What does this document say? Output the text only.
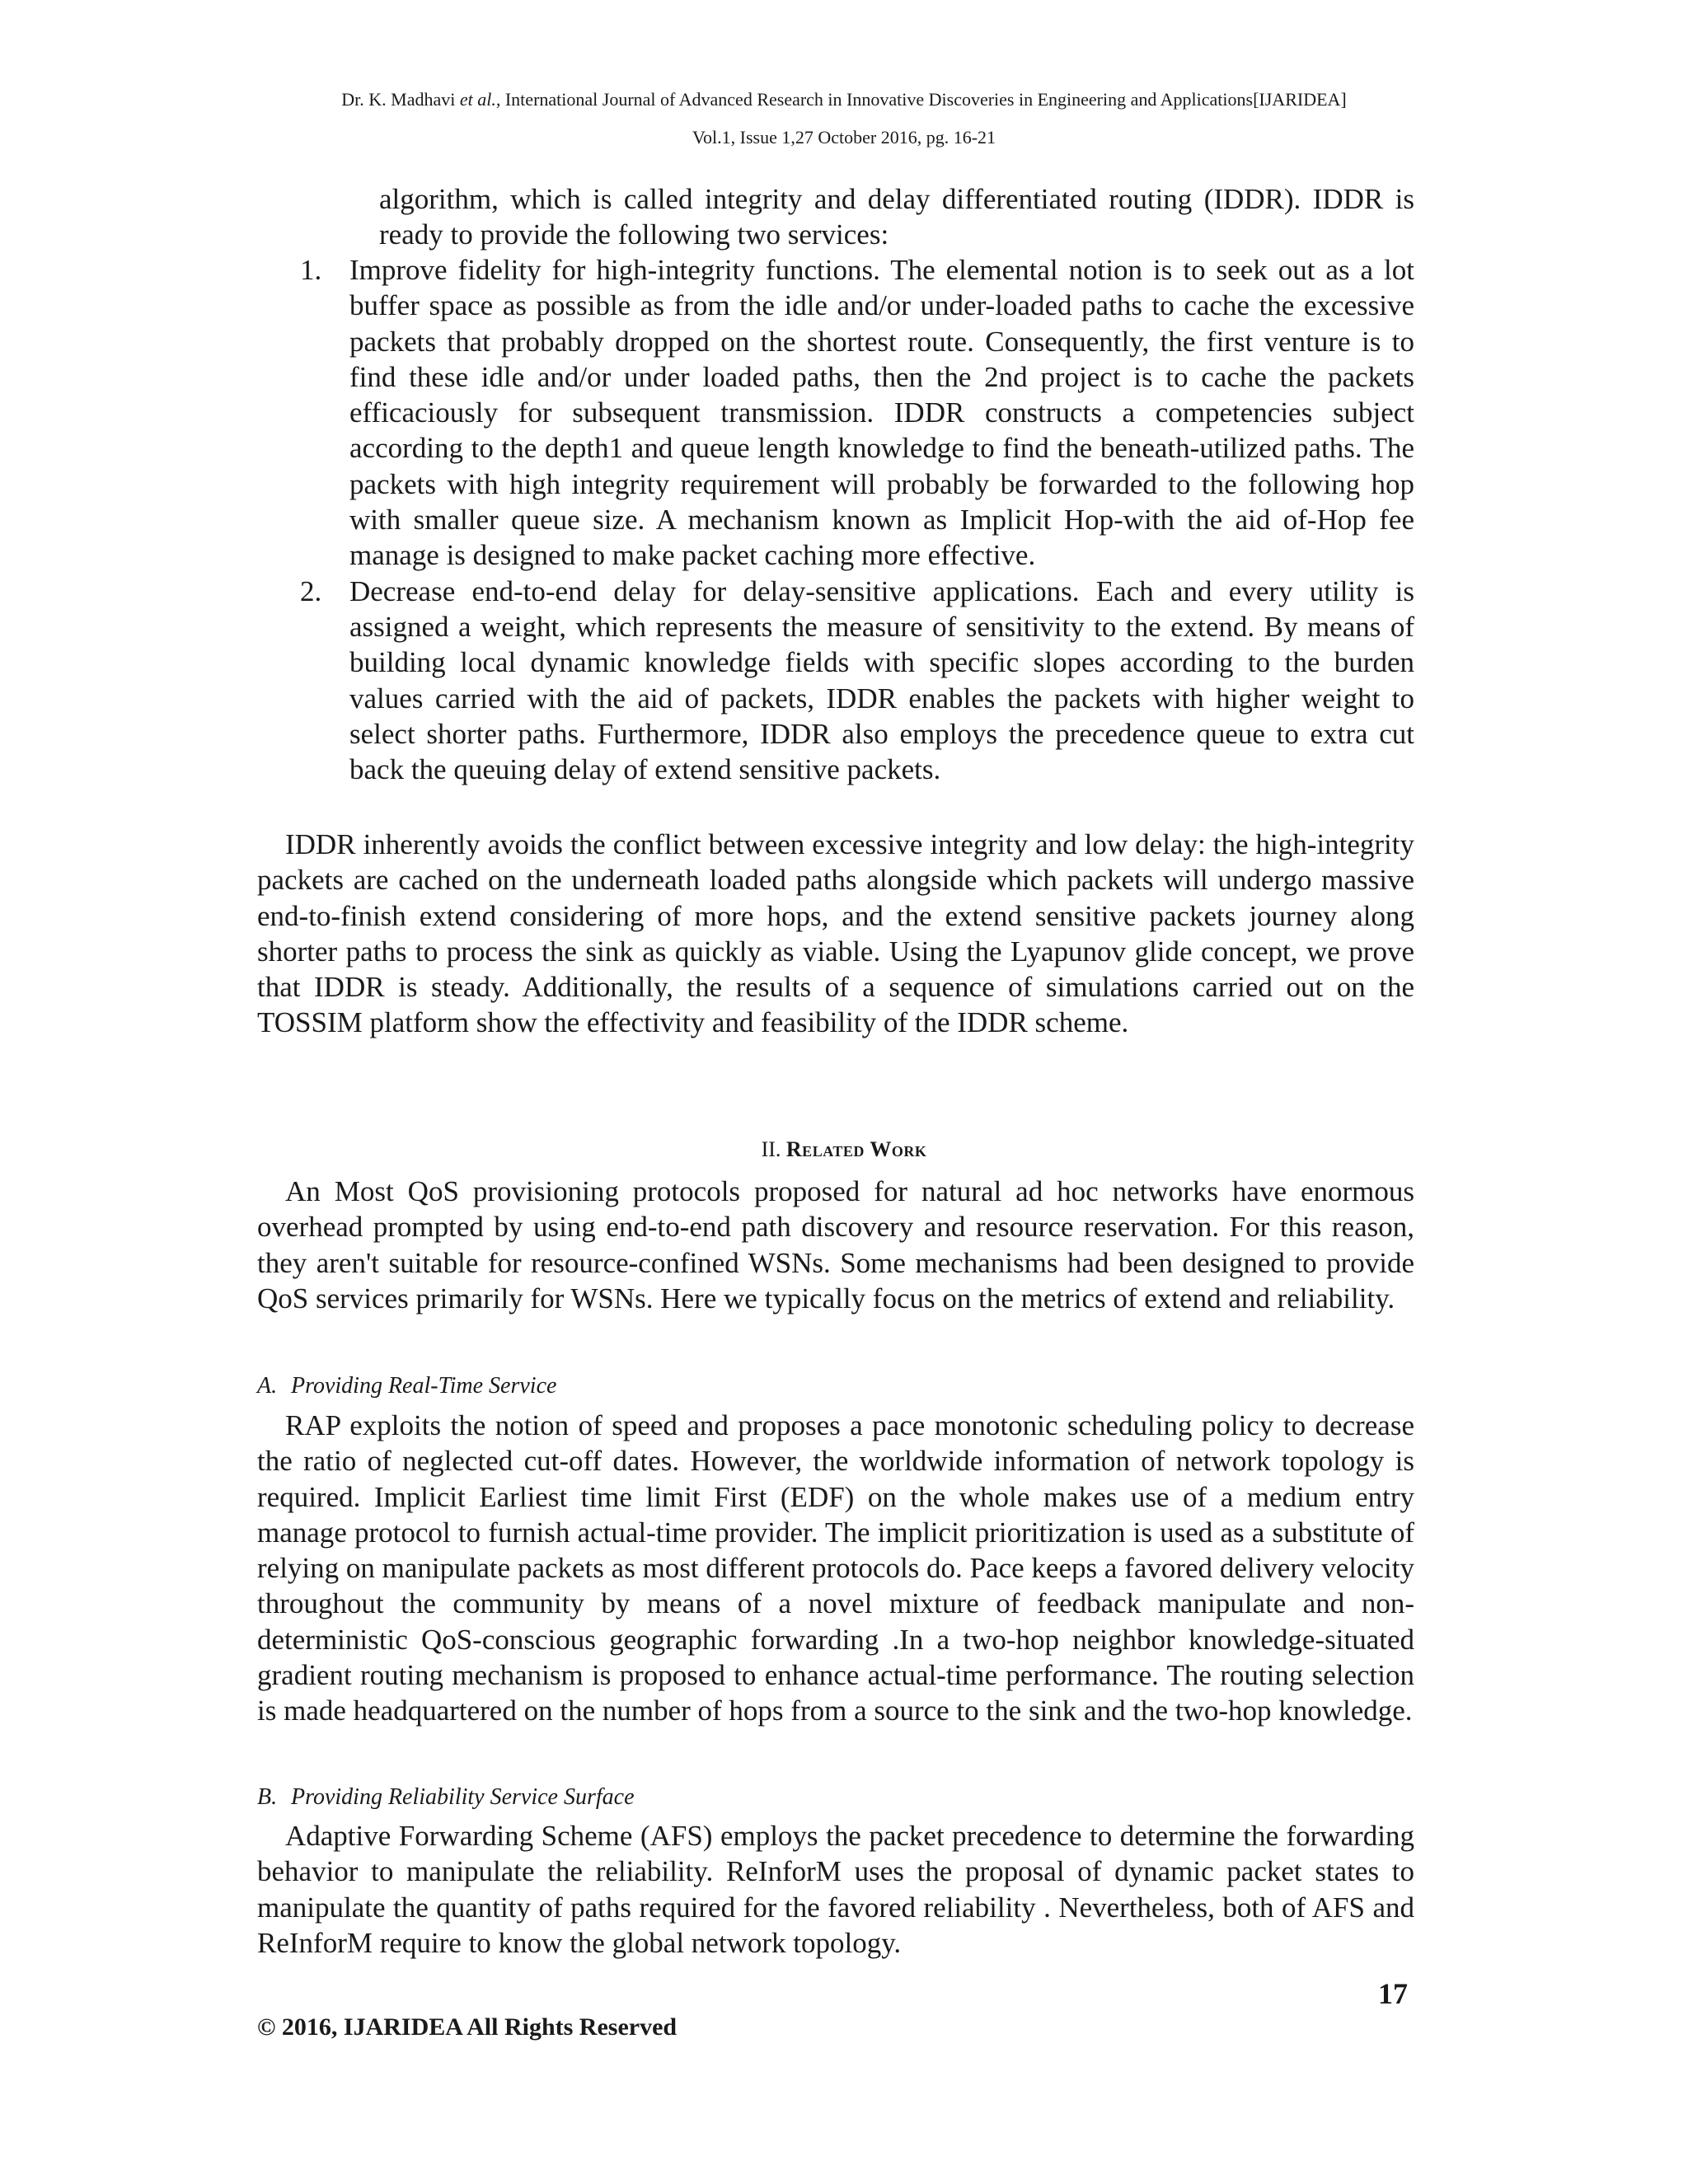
Dr. K. Madhavi et al., International Journal of Advanced Research in Innovative Discoveries in Engineering and Applications[IJARIDEA]
Vol.1, Issue 1,27 October 2016, pg. 16-21

algorithm, which is called integrity and delay differentiated routing (IDDR). IDDR is ready to provide the following two services:

1. Improve fidelity for high-integrity functions. The elemental notion is to seek out as a lot buffer space as possible as from the idle and/or under-loaded paths to cache the excessive packets that probably dropped on the shortest route. Consequently, the first venture is to find these idle and/or under loaded paths, then the 2nd project is to cache the packets efficaciously for subsequent transmission. IDDR constructs a competencies subject according to the depth1 and queue length knowledge to find the beneath-utilized paths. The packets with high integrity requirement will probably be forwarded to the following hop with smaller queue size. A mechanism known as Implicit Hop-with the aid of-Hop fee manage is designed to make packet caching more effective.
2. Decrease end-to-end delay for delay-sensitive applications. Each and every utility is assigned a weight, which represents the measure of sensitivity to the extend. By means of building local dynamic knowledge fields with specific slopes according to the burden values carried with the aid of packets, IDDR enables the packets with higher weight to select shorter paths. Furthermore, IDDR also employs the precedence queue to extra cut back the queuing delay of extend sensitive packets.

IDDR inherently avoids the conflict between excessive integrity and low delay: the high-integrity packets are cached on the underneath loaded paths alongside which packets will undergo massive end-to-finish extend considering of more hops, and the extend sensitive packets journey along shorter paths to process the sink as quickly as viable. Using the Lyapunov glide concept, we prove that IDDR is steady. Additionally, the results of a sequence of simulations carried out on the TOSSIM platform show the effectivity and feasibility of the IDDR scheme.

II. Related Work

An Most QoS provisioning protocols proposed for natural ad hoc networks have enormous overhead prompted by using end-to-end path discovery and resource reservation. For this reason, they aren't suitable for resource-confined WSNs. Some mechanisms had been designed to provide QoS services primarily for WSNs. Here we typically focus on the metrics of extend and reliability.

A. Providing Real-Time Service

RAP exploits the notion of speed and proposes a pace monotonic scheduling policy to decrease the ratio of neglected cut-off dates. However, the worldwide information of network topology is required. Implicit Earliest time limit First (EDF) on the whole makes use of a medium entry manage protocol to furnish actual-time provider. The implicit prioritization is used as a substitute of relying on manipulate packets as most different protocols do. Pace keeps a favored delivery velocity throughout the community by means of a novel mixture of feedback manipulate and non-deterministic QoS-conscious geographic forwarding .In a two-hop neighbor knowledge-situated gradient routing mechanism is proposed to enhance actual-time performance. The routing selection is made headquartered on the number of hops from a source to the sink and the two-hop knowledge.

B. Providing Reliability Service Surface

Adaptive Forwarding Scheme (AFS) employs the packet precedence to determine the forwarding behavior to manipulate the reliability. ReInforM uses the proposal of dynamic packet states to manipulate the quantity of paths required for the favored reliability . Nevertheless, both of AFS and ReInforM require to know the global network topology.

17
© 2016, IJARIDEA All Rights Reserved
